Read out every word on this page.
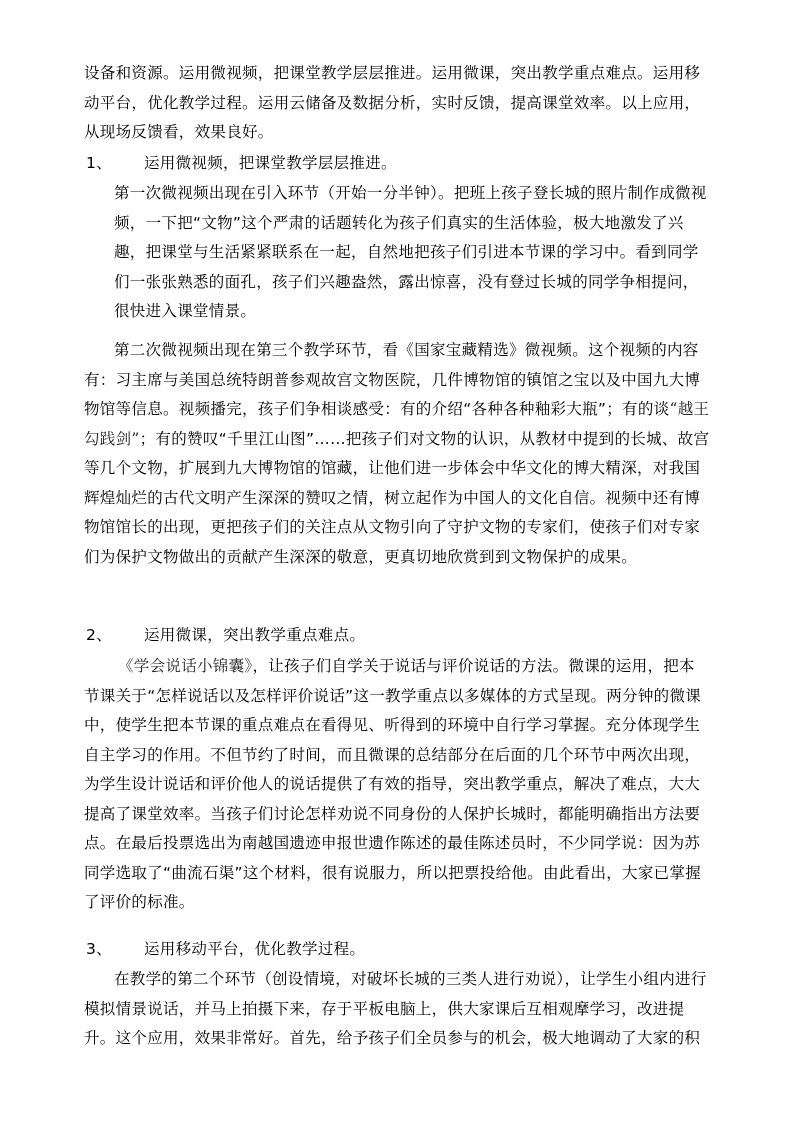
设备和资源。运用微视频，把课堂教学层层推进。运用微课，突出教学重点难点。运用移动平台，优化教学过程。运用云储备及数据分析，实时反馈，提高课堂效率。以上应用，从现场反馈看，效果良好。

1、 运用微视频，把课堂教学层层推进。

第一次微视频出现在引入环节（开始一分半钟）。把班上孩子登长城的照片制作成微视频，一下把“文物”这个严肃的话题转化为孩子们真实的生活体验，极大地激发了兴趣，把课堂与生活紧紧联系在一起，自然地把孩子们引进本节课的学习中。看到同学们一张张熟悉的面孔，孩子们兴趣盎然，露出惊喜，没有登过长城的同学争相提问，很快进入课堂情景。

第二次微视频出现在第三个教学环节，看《国家宝藏精选》微视频。这个视频的内容有：习主席与美国总统特朗普参观故宫文物医院，几件博物馆的镇馆之宝以及中国九大博物馆等信息。视频播完，孩子们争相谈感受：有的介绍“各种各种釉彩大瓶”；有的谈“越王勾践剑”；有的赞叹“千里江山图”……把孩子们对文物的认识，从教材中提到的长城、故宫等几个文物，扩展到九大博物馆的馆藏，让他们进一步体会中华文化的博大精深，对我国辉煌灿烂的古代文明产生深深的赞叹之情，树立起作为中国人的文化自信。视频中还有博物馆馆长的出现，更把孩子们的关注点从文物引向了守护文物的专家们，使孩子们对专家们为保护文物做出的贡献产生深深的敬意，更真切地欣赏到到文物保护的成果。

2、 运用微课，突出教学重点难点。

《学会说话小锦囊》，让孩子们自学关于说话与评价说话的方法。微课的运用，把本节课关于“怎样说话以及怎样评价说话”这一教学重点以多媒体的方式呈现。两分钟的微课中，使学生把本节课的重点难点在看得见、听得到的环境中自行学习掌握。充分体现学生自主学习的作用。不但节约了时间，而且微课的总结部分在后面的几个环节中两次出现，为学生设计说话和评价他人的说话提供了有效的指导，突出教学重点，解决了难点，大大提高了课堂效率。当孩子们讨论怎样劝说不同身份的人保护长城时，都能明确指出方法要点。在最后投票选出为南越国遗迹申报世遗作陈述的最佳陈述员时，不少同学说：因为苏同学选取了“曲流石渠”这个材料，很有说服力，所以把票投给他。由此看出，大家已掌握了评价的标准。

3、 运用移动平台，优化教学过程。

在教学的第二个环节（创设情境，对破坏长城的三类人进行劝说），让学生小组内进行模拟情景说话，并马上拍摄下来，存于平板电脑上，供大家课后互相观摩学习，改进提升。这个应用，效果非常好。首先，给予孩子们全员参与的机会，极大地调动了大家的积
